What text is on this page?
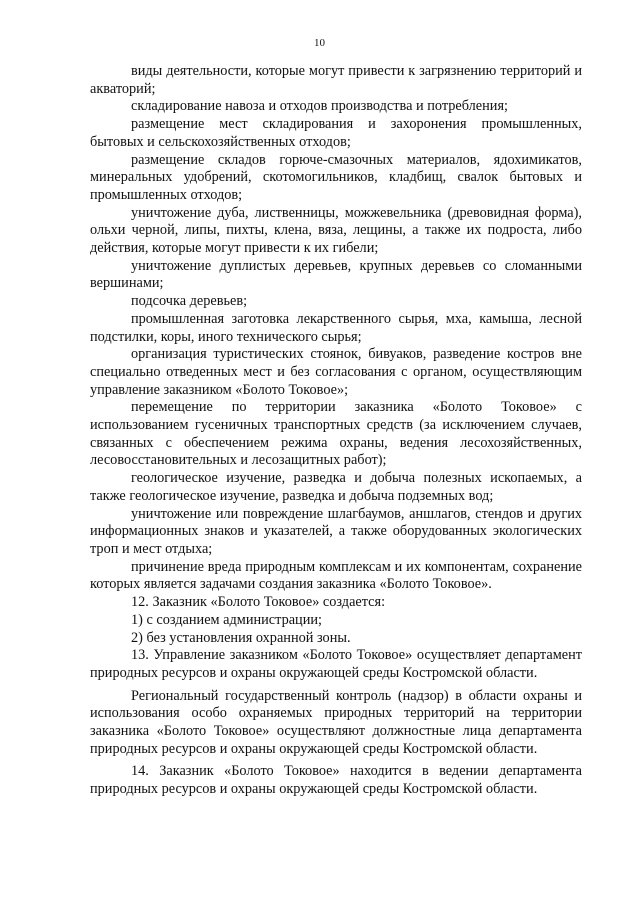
10

виды деятельности, которые могут привести к загрязнению территорий и акваторий;

складирование навоза и отходов производства и потребления;

размещение мест складирования и захоронения промышленных, бытовых и сельскохозяйственных отходов;

размещение складов горюче-смазочных материалов, ядохимикатов, минеральных удобрений, скотомогильников, кладбищ, свалок бытовых и промышленных отходов;

уничтожение дуба, лиственницы, можжевельника (древовидная форма), ольхи черной, липы, пихты, клена, вяза, лещины, а также их подроста, либо действия, которые могут привести к их гибели;

уничтожение дуплистых деревьев, крупных деревьев со сломанными вершинами;

подсочка деревьев;

промышленная заготовка лекарственного сырья, мха, камыша, лесной подстилки, коры, иного технического сырья;

организация туристических стоянок, бивуаков, разведение костров вне специально отведенных мест и без согласования с органом, осуществляющим управление заказником «Болото Токовое»;

перемещение по территории заказника «Болото Токовое» с использованием гусеничных транспортных средств (за исключением случаев, связанных с обеспечением режима охраны, ведения лесохозяйственных, лесовосстановительных и лесозащитных работ);

геологическое изучение, разведка и добыча полезных ископаемых, а также геологическое изучение, разведка и добыча подземных вод;

уничтожение или повреждение шлагбаумов, аншлагов, стендов и других информационных знаков и указателей, а также оборудованных экологических троп и мест отдыха;

причинение вреда природным комплексам и их компонентам, сохранение которых является задачами создания заказника «Болото Токовое».

12. Заказник «Болото Токовое» создается:

1) с созданием администрации;

2) без установления охранной зоны.

13. Управление заказником «Болото Токовое» осуществляет департамент природных ресурсов и охраны окружающей среды Костромской области.

Региональный государственный контроль (надзор) в области охраны и использования особо охраняемых природных территорий на территории заказника «Болото Токовое» осуществляют должностные лица департамента природных ресурсов и охраны окружающей среды Костромской области.

14. Заказник «Болото Токовое» находится в ведении департамента природных ресурсов и охраны окружающей среды Костромской области.
